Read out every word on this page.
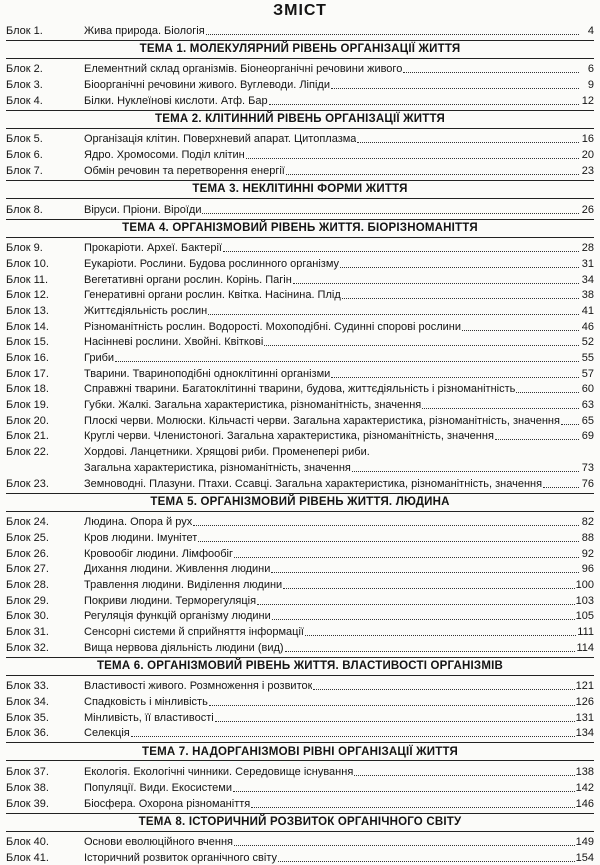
ЗМІСТ
Блок 1.	Жива природа. Біологія	4
ТЕМА 1. МОЛЕКУЛЯРНИЙ РІВЕНЬ ОРГАНІЗАЦІЇ ЖИТТЯ
Блок 2.	Елементний склад організмів. Біонеорганічні речовини живого	6
Блок 3.	Біоорганічні речовини живого. Вуглеводи. Ліпіди	9
Блок 4.	Білки. Нуклеїнові кислоти. Атф. Бар	12
ТЕМА 2. КЛІТИННИЙ РІВЕНЬ ОРГАНІЗАЦІЇ ЖИТТЯ
Блок 5.	Організація клітин. Поверхневий апарат. Цитоплазма	16
Блок 6.	Ядро. Хромосоми. Поділ клітин	20
Блок 7.	Обмін речовин та перетворення енергії	23
ТЕМА 3. НЕКЛІТИННІ ФОРМИ ЖИТТЯ
Блок 8.	Віруси. Пріони. Віроїди	26
ТЕМА 4. ОРГАНІЗМОВИЙ РІВЕНЬ ЖИТТЯ. БІОРІЗНОМАНІТТЯ
Блок 9.	Прокаріоти. Археї. Бактерії	28
Блок 10.	Еукаріоти. Рослини. Будова рослинного організму	31
Блок 11.	Вегетативні органи рослин. Корінь. Пагін	34
Блок 12.	Генеративні органи рослин. Квітка. Насінина. Плід	38
Блок 13.	Життєдіяльність рослин	41
Блок 14.	Різноманітність рослин. Водорості. Мохоподібні. Судинні спорові рослини	46
Блок 15.	Насінневі рослини. Хвойні. Квіткові	52
Блок 16.	Гриби	55
Блок 17.	Тварини. Твариноподібні одноклітинні організми	57
Блок 18.	Справжні тварини. Багатоклітинні тварини, будова, життєдіяльність і різноманітність	60
Блок 19.	Губки. Жалкі. Загальна характеристика, різноманітність, значення	63
Блок 20.	Плоскі черви. Молюски. Кільчасті черви. Загальна характеристика, різноманітність, значення 65
Блок 21.	Круглі черви. Членистоногі. Загальна характеристика, різноманітність, значення	69
Блок 22.	Хордові. Ланцетники. Хрящові риби. Променепері риби.
Загальна характеристика, різноманітність, значення	73
Блок 23.	Земноводні. Плазуни. Птахи. Ссавці. Загальна характеристика, різноманітність, значення	76
ТЕМА 5. ОРГАНІЗМОВИЙ РІВЕНЬ ЖИТТЯ. ЛЮДИНА
Блок 24.	Людина. Опора й рух	82
Блок 25.	Кров людини. Імунітет	88
Блок 26.	Кровообіг людини. Лімфообіг	92
Блок 27.	Дихання людини. Живлення людини	96
Блок 28.	Травлення людини. Виділення людини	100
Блок 29.	Покриви людини. Терморегуляція	103
Блок 30.	Регуляція функцій організму людини	105
Блок 31.	Сенсорні системи й сприйняття інформації	111
Блок 32.	Вища нервова діяльність людини (вид)	114
ТЕМА 6. ОРГАНІЗМОВИЙ РІВЕНЬ ЖИТТЯ. ВЛАСТИВОСТІ ОРГАНІЗМІВ
Блок 33.	Властивості живого. Розмноження і розвиток	121
Блок 34.	Спадковість і мінливість	126
Блок 35.	Мінливість, її властивості	131
Блок 36.	Селекція	134
ТЕМА 7. НАДОРГАНІЗМОВІ РІВНІ ОРГАНІЗАЦІЇ ЖИТТЯ
Блок 37.	Екологія. Екологічні чинники. Середовище існування	138
Блок 38.	Популяції. Види. Екосистеми	142
Блок 39.	Біосфера. Охорона різноманіття	146
ТЕМА 8. ІСТОРИЧНИЙ РОЗВИТОК ОРГАНІЧНОГО СВІТУ
Блок 40.	Основи еволюційного вчення	149
Блок 41.	Історичний розвиток органічного світу	154
